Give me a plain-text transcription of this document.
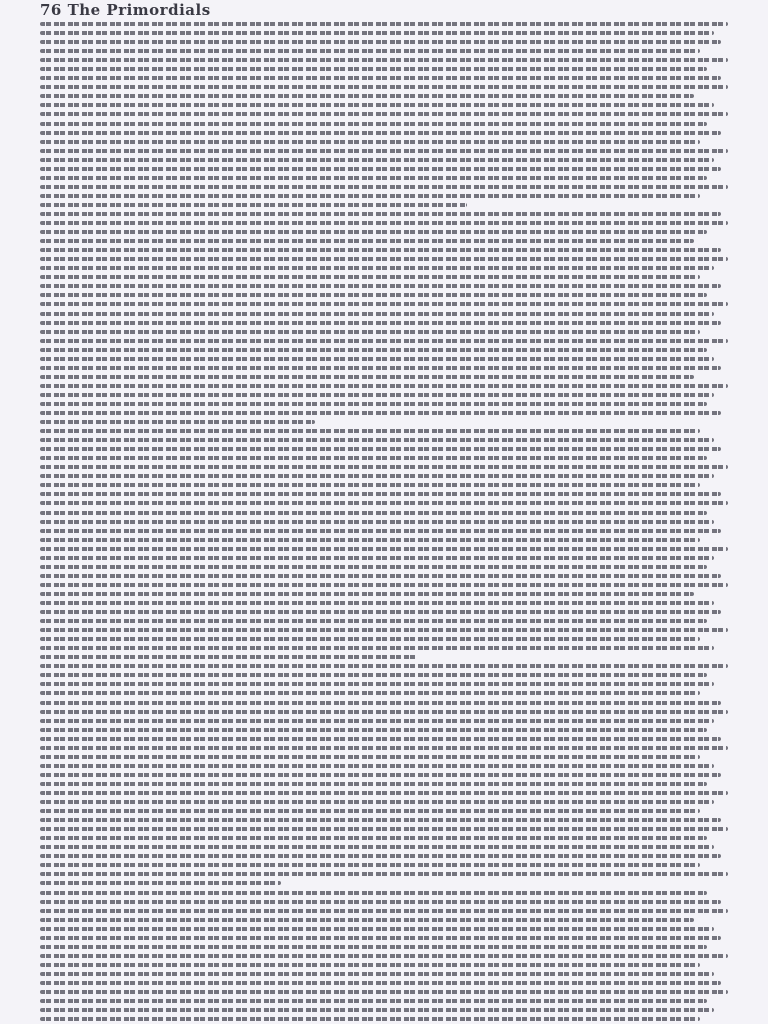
76 The Primordials
